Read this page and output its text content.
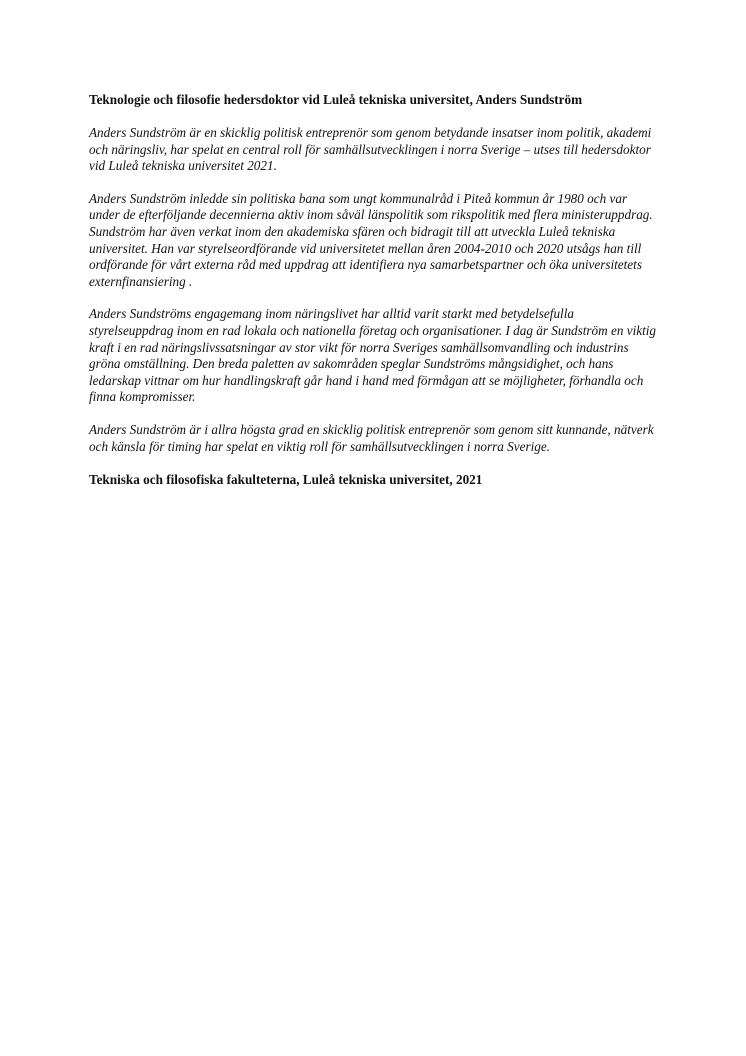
Teknologie och filosofie hedersdoktor vid Luleå tekniska universitet, Anders Sundström

Anders Sundström är en skicklig politisk entreprenör som genom betydande insatser inom politik, akademi och näringsliv, har spelat en central roll för samhällsutvecklingen i norra Sverige – utses till hedersdoktor vid Luleå tekniska universitet 2021.

Anders Sundström inledde sin politiska bana som ungt kommunalråd i Piteå kommun år 1980 och var under de efterföljande decennierna aktiv inom såväl länspolitik som rikspolitik med flera ministeruppdrag. Sundström har även verkat inom den akademiska sfären och bidragit till att utveckla Luleå tekniska universitet. Han var styrelseordförande vid universitetet mellan åren 2004-2010 och 2020 utsågs han till ordförande för vårt externa råd med uppdrag att identifiera nya samarbetspartner och öka universitetets externfinansiering .

Anders Sundströms engagemang inom näringslivet har alltid varit starkt med betydelsefulla styrelseuppdrag inom en rad lokala och nationella företag och organisationer. I dag är Sundström en viktig kraft i en rad näringslivssatsningar av stor vikt för norra Sveriges samhällsomvandling och industrins gröna omställning. Den breda paletten av sakområden speglar Sundströms mångsidighet, och hans ledarskap vittnar om hur handlingskraft går hand i hand med förmågan att se möjligheter, förhandla och finna kompromisser.

Anders Sundström är i allra högsta grad en skicklig politisk entreprenör som genom sitt kunnande, nätverk och känsla för timing har spelat en viktig roll för samhällsutvecklingen i norra Sverige.

Tekniska och filosofiska fakulteterna, Luleå tekniska universitet, 2021
